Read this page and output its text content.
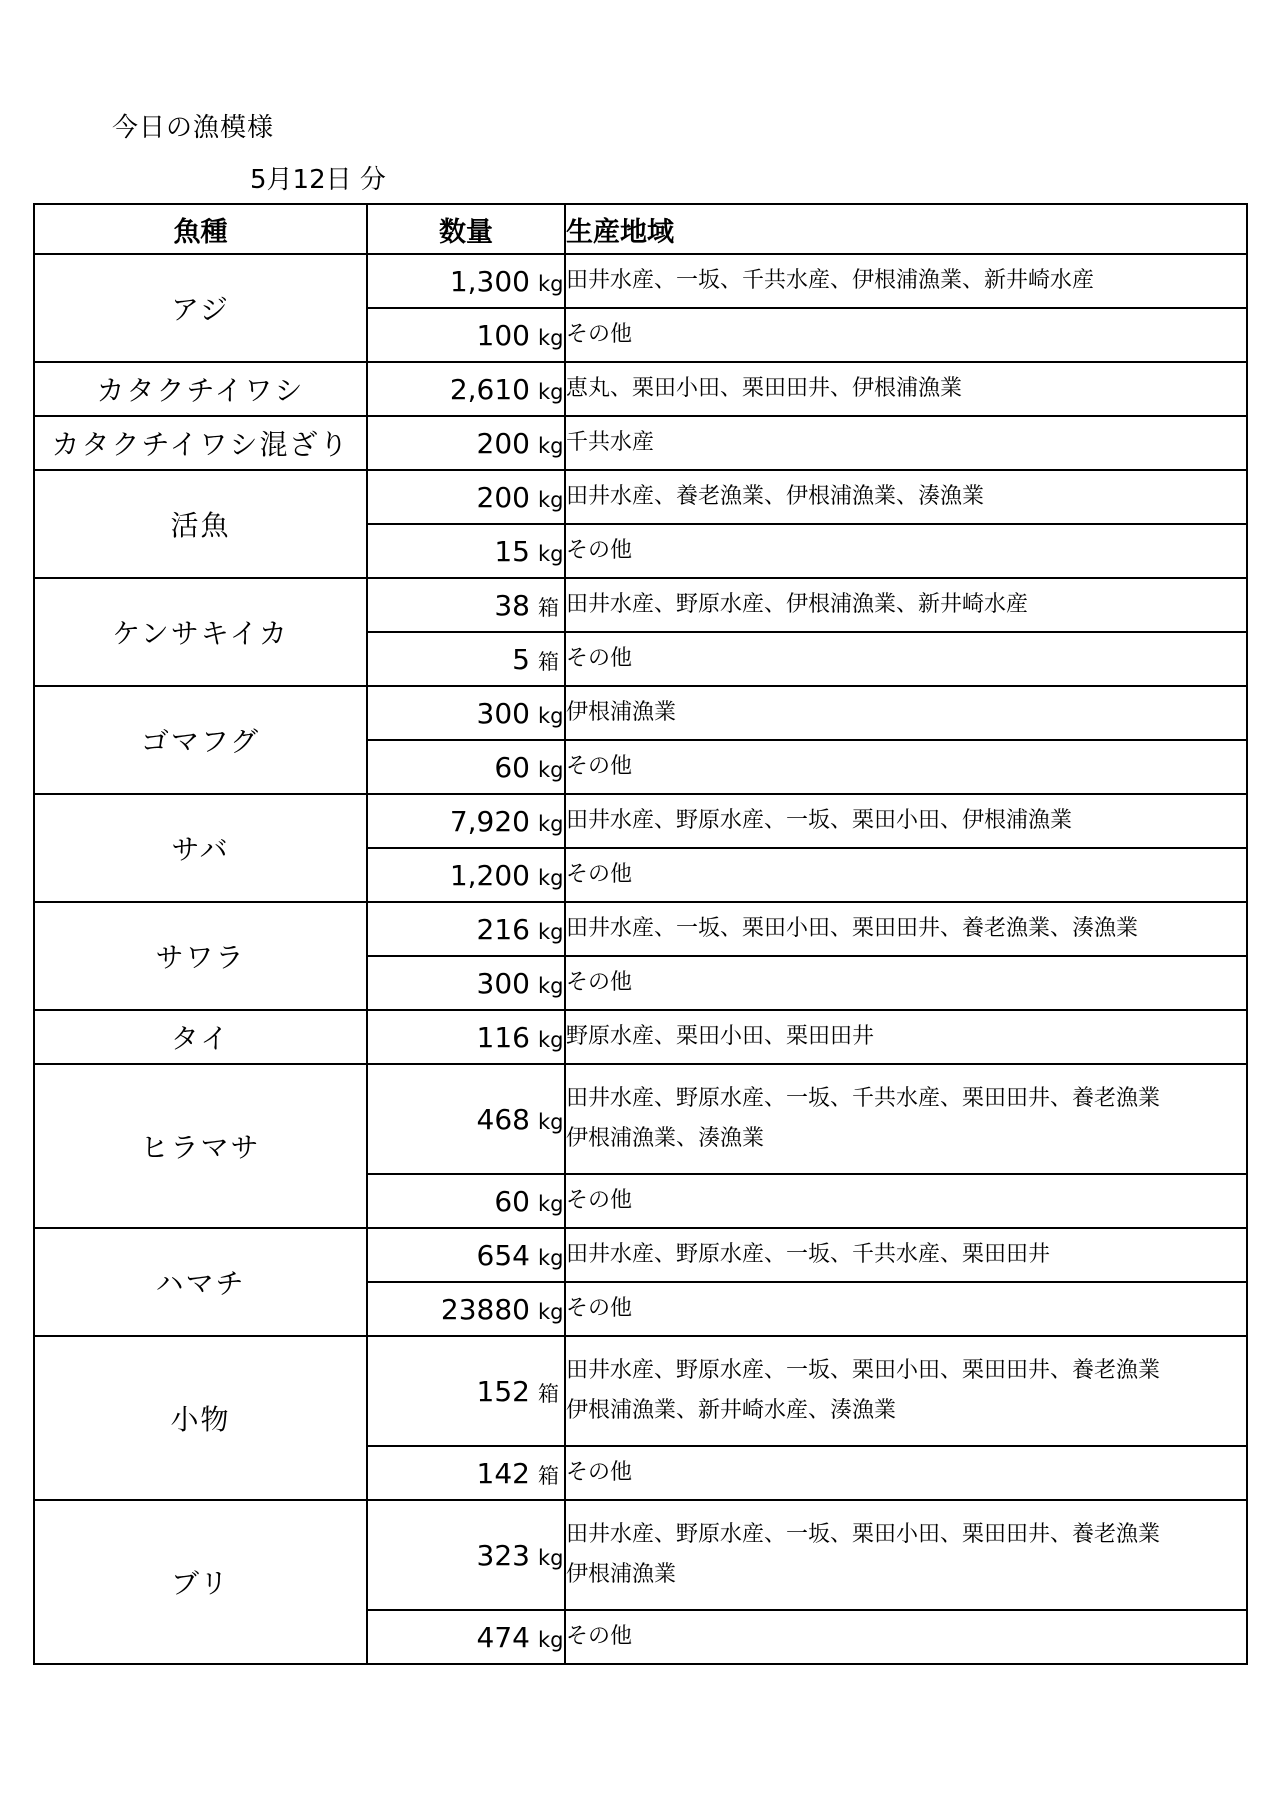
今日の漁模様
5月12日 分
魚種	数量	生産地域
アジ	1,300 kg	田井水産、一坂、千共水産、伊根浦漁業、新井崎水産
	100 kg	その他
カタクチイワシ	2,610 kg	恵丸、栗田小田、栗田田井、伊根浦漁業
カタクチイワシ混ざり	200 kg	千共水産
活魚	200 kg	田井水産、養老漁業、伊根浦漁業、湊漁業
	15 kg	その他
ケンサキイカ	38 箱	田井水産、野原水産、伊根浦漁業、新井崎水産
	5 箱	その他
ゴマフグ	300 kg	伊根浦漁業
	60 kg	その他
サバ	7,920 kg	田井水産、野原水産、一坂、栗田小田、伊根浦漁業
	1,200 kg	その他
サワラ	216 kg	田井水産、一坂、栗田小田、栗田田井、養老漁業、湊漁業
	300 kg	その他
タイ	116 kg	野原水産、栗田小田、栗田田井
ヒラマサ	468 kg	田井水産、野原水産、一坂、千共水産、栗田田井、養老漁業
伊根浦漁業、湊漁業
	60 kg	その他
ハマチ	654 kg	田井水産、野原水産、一坂、千共水産、栗田田井
	23880 kg	その他
小物	152 箱	田井水産、野原水産、一坂、栗田小田、栗田田井、養老漁業
伊根浦漁業、新井崎水産、湊漁業
	142 箱	その他
ブリ	323 kg	田井水産、野原水産、一坂、栗田小田、栗田田井、養老漁業
伊根浦漁業
	474 kg	その他
